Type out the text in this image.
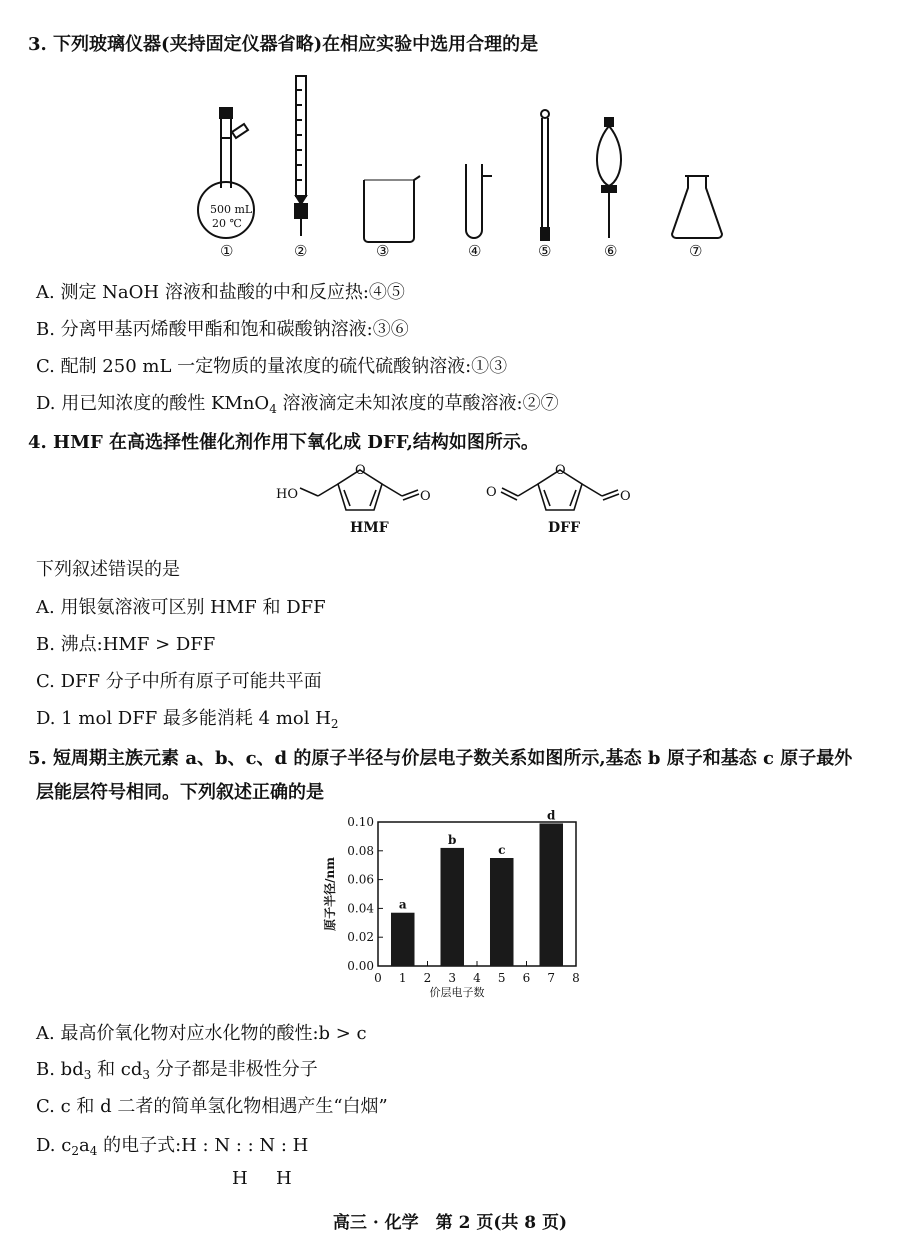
3. 下列玻璃仪器(夹持固定仪器省略)在相应实验中选用合理的是
500 mL
20 ℃
①	②	③	④	⑤	⑥	⑦
A. 测定 NaOH 溶液和盐酸的中和反应热:④⑤
B. 分离甲基丙烯酸甲酯和饱和碳酸钠溶液:③⑥
C. 配制 250 mL 一定物质的量浓度的硫代硫酸钠溶液:①③
D. 用已知浓度的酸性 KMnO$_4$ 溶液滴定未知浓度的草酸溶液:②⑦
4. HMF 在高选择性催化剂作用下氧化成 DFF,结构如图所示。
O
HO	O
O
O	O
HMF	DFF
下列叙述错误的是
A. 用银氨溶液可区别 HMF 和 DFF
B. 沸点:HMF > DFF
C. DFF 分子中所有原子可能共平面
D. 1 mol DFF 最多能消耗 4 mol $H_2$
5. 短周期主族元素 a、b、c、d 的原子半径与价层电子数关系如图所示,基态 b 原子和基态 c 原子最外
层能层符号相同。下列叙述正确的是
0.00
0.02
0.04
0.06
0.08
0.10
0 1 2 3 4 5 6 7 8
a
b
c
d
价层电子数
原子半径/nm
A. 最高价氧化物对应水化物的酸性:b > c
B. $bd_3$ 和 $cd_3$ 分子都是非极性分子
C. c 和 d 二者的简单氢化物相遇产生“白烟”
D. $c_2a_4$ 的电子式:H : N : : N : H
H H
高三 · 化学　第 2 页(共 8 页)
